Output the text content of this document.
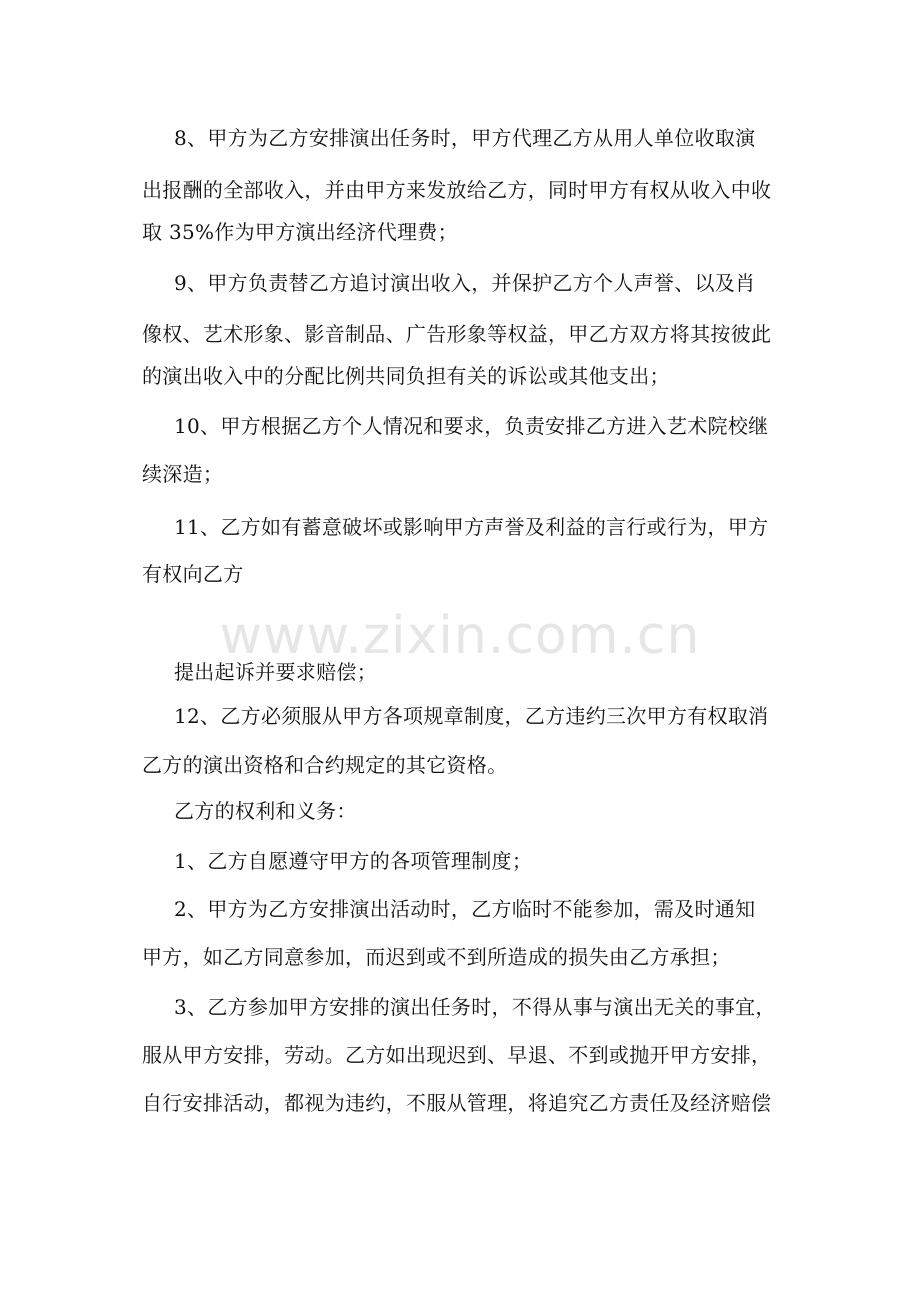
8、甲方为乙方安排演出任务时，甲方代理乙方从用人单位收取演
出报酬的全部收入，并由甲方来发放给乙方，同时甲方有权从收入中收
取 35%作为甲方演出经济代理费；
9、甲方负责替乙方追讨演出收入，并保护乙方个人声誉、以及肖
像权、艺术形象、影音制品、广告形象等权益，甲乙方双方将其按彼此
的演出收入中的分配比例共同负担有关的诉讼或其他支出；
10、甲方根据乙方个人情况和要求，负责安排乙方进入艺术院校继
续深造；
11、乙方如有蓄意破坏或影响甲方声誉及利益的言行或行为，甲方
有权向乙方
www.zixin.com.cn
提出起诉并要求赔偿；
12、乙方必须服从甲方各项规章制度，乙方违约三次甲方有权取消
乙方的演出资格和合约规定的其它资格。
乙方的权利和义务：
1、乙方自愿遵守甲方的各项管理制度；
2、甲方为乙方安排演出活动时，乙方临时不能参加，需及时通知
甲方，如乙方同意参加，而迟到或不到所造成的损失由乙方承担；
3、乙方参加甲方安排的演出任务时，不得从事与演出无关的事宜，
服从甲方安排，劳动。乙方如出现迟到、早退、不到或抛开甲方安排，
自行安排活动，都视为违约，不服从管理，将追究乙方责任及经济赔偿
